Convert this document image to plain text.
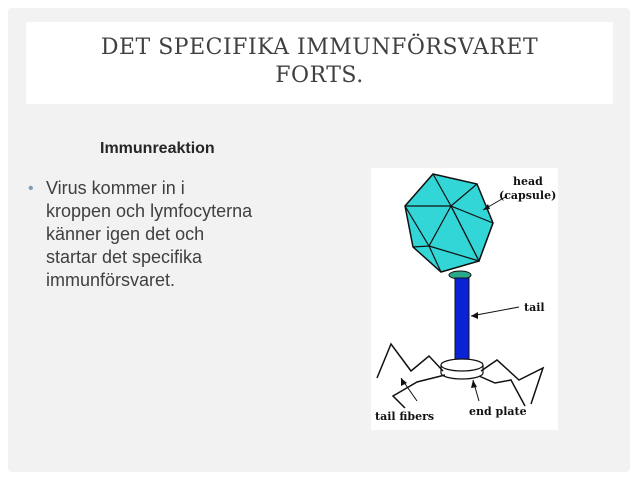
DET SPECIFIKA IMMUNFÖRSVARET
FORTS.
Immunreaktion
• Virus kommer in i
kroppen och lymfocyterna
känner igen det och
startar det specifika
immunförsvaret.
head
(capsule)
tail
tail fibers	end plate
